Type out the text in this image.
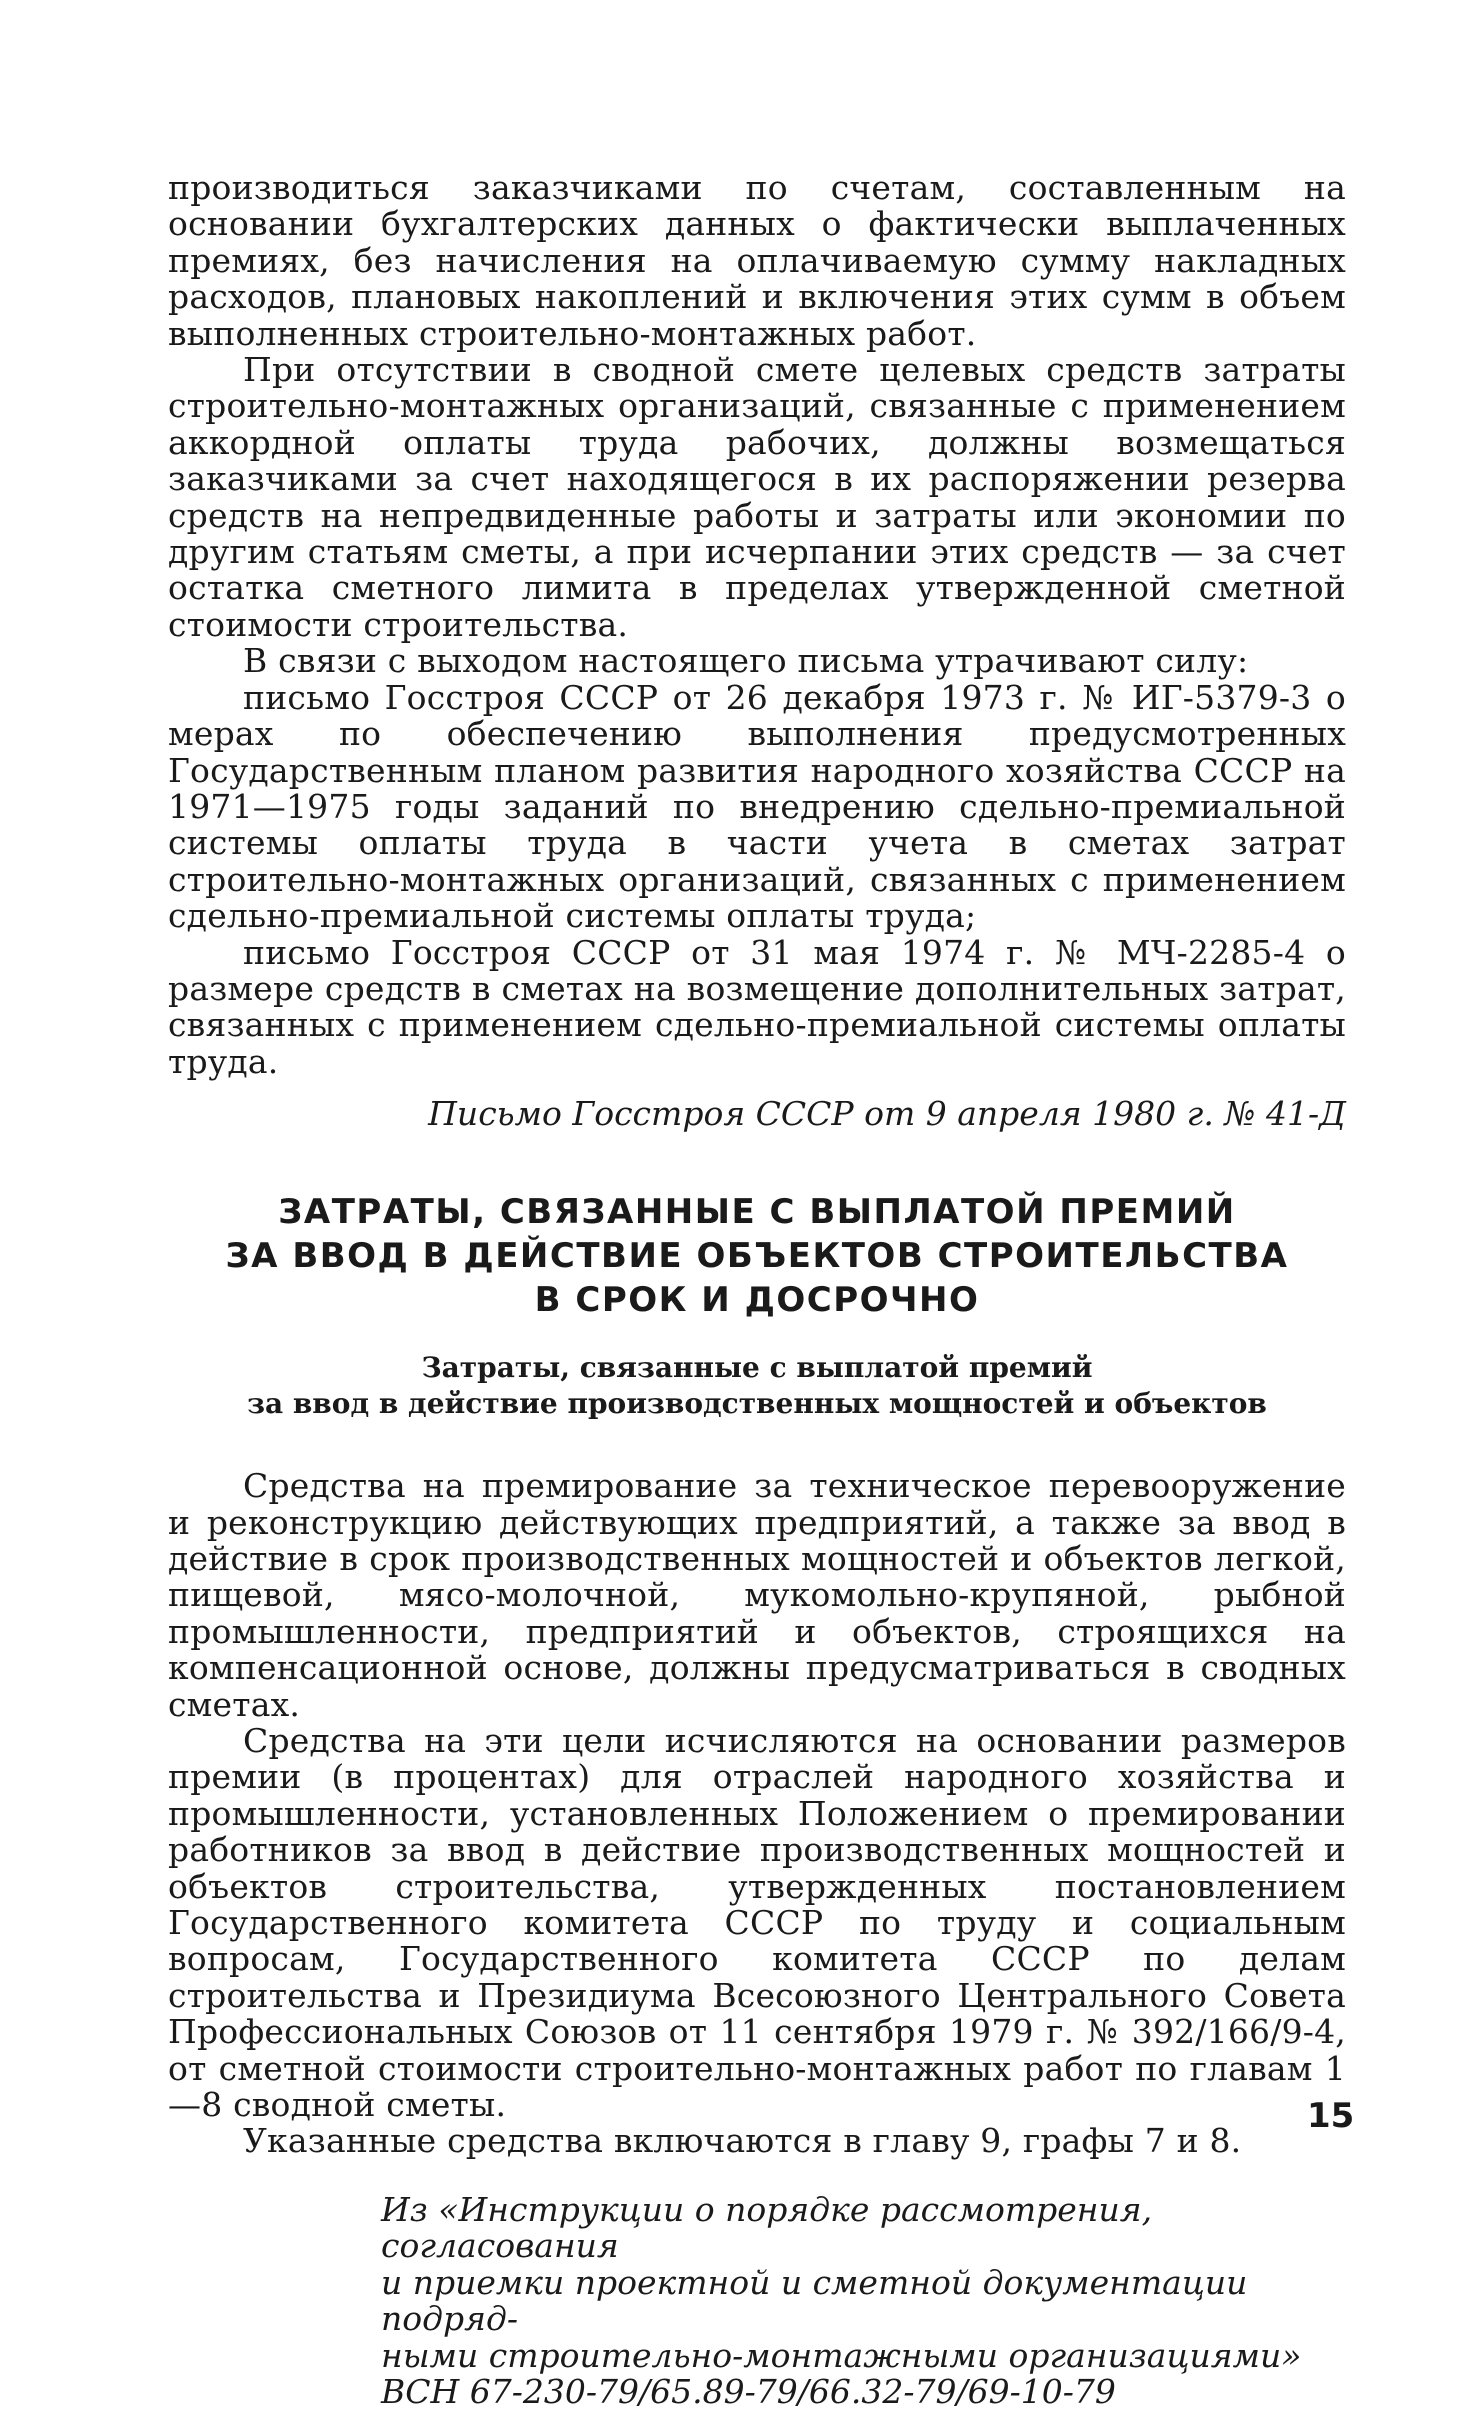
производиться заказчиками по счетам, составленным на основании бухгалтерских данных о фактически выплаченных премиях, без начисления на оплачиваемую сумму накладных расходов, плановых накоплений и включения этих сумм в объем выполненных строительно-монтажных работ.

При отсутствии в сводной смете целевых средств затраты строительно-монтажных организаций, связанные с применением аккордной оплаты труда рабочих, должны возмещаться заказчиками за счет находящегося в их распоряжении резерва средств на непредвиденные работы и затраты или экономии по другим статьям сметы, а при исчерпании этих средств — за счет остатка сметного лимита в пределах утвержденной сметной стоимости строительства.

В связи с выходом настоящего письма утрачивают силу:

письмо Госстроя СССР от 26 декабря 1973 г. № ИГ-5379-3 о мерах по обеспечению выполнения предусмотренных Государственным планом развития народного хозяйства СССР на 1971—1975 годы заданий по внедрению сдельно-премиальной системы оплаты труда в части учета в сметах затрат строительно-монтажных организаций, связанных с применением сдельно-премиальной системы оплаты труда;

письмо Госстроя СССР от 31 мая 1974 г. № МЧ-2285-4 о размере средств в сметах на возмещение дополнительных затрат, связанных с применением сдельно-премиальной системы оплаты труда.

Письмо Госстроя СССР от 9 апреля 1980 г. № 41-Д

ЗАТРАТЫ, СВЯЗАННЫЕ С ВЫПЛАТОЙ ПРЕМИЙ
ЗА ВВОД В ДЕЙСТВИЕ ОБЪЕКТОВ СТРОИТЕЛЬСТВА
В СРОК И ДОСРОЧНО
Затраты, связанные с выплатой премий
за ввод в действие производственных мощностей и объектов

Средства на премирование за техническое перевооружение и реконструкцию действующих предприятий, а также за ввод в действие в срок производственных мощностей и объектов легкой, пищевой, мясо-молочной, мукомольно-крупяной, рыбной промышленности, предприятий и объектов, строящихся на компенсационной основе, должны предусматриваться в сводных сметах.

Средства на эти цели исчисляются на основании размеров премии (в процентах) для отраслей народного хозяйства и промышленности, установленных Положением о премировании работников за ввод в действие производственных мощностей и объектов строительства, утвержденных постановлением Государственного комитета СССР по труду и социальным вопросам, Государственного комитета СССР по делам строительства и Президиума Всесоюзного Центрального Совета Профессиональных Союзов от 11 сентября 1979 г. № 392/166/9-4, от сметной стоимости строительно-монтажных работ по главам 1—8 сводной сметы.

Указанные средства включаются в главу 9, графы 7 и 8.

Из «Инструкции о порядке рассмотрения, согласования
и приемки проектной и сметной документации подряд-
ными строительно-монтажными организациями»
ВСН 67-230-79/65.89-79/66.32-79/69-10-79
15
